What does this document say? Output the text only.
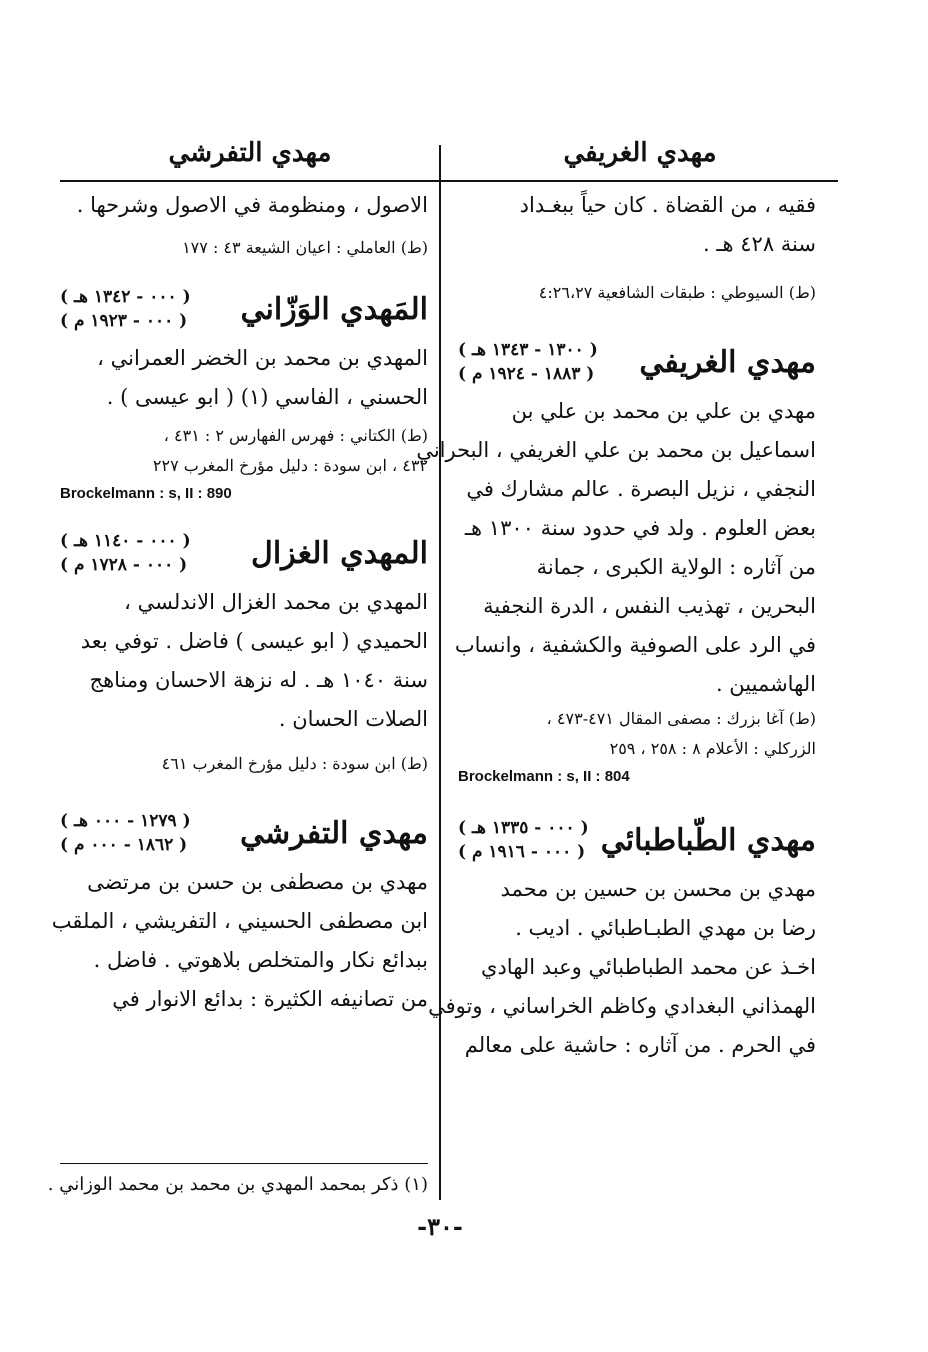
مهدي الغريفي
مهدي التفرشي
فقيه ، من القضاة . كان حياً ببغـداد
سنة ٤٢٨ هـ .
(ط) السيوطي : طبقات الشافعية ٤:٢٦،٢٧
مهدي الغريفي
( ١٣٠٠ - ١٣٤٣ هـ )
( ١٨٨٣ - ١٩٢٤ م )
مهدي بن علي بن محمد بن علي بن
اسماعيل بن محمد بن علي الغريفي ، البحراني
النجفي ، نزيل البصرة . عالم مشارك في
بعض العلوم . ولد في حدود سنة ١٣٠٠ هـ
من آثاره : الولاية الكبرى ، جمانة
البحرين ، تهذيب النفس ، الدرة النجفية
في الرد على الصوفية والكشفية ، وانساب
الهاشميين .
(ط) آغا بزرك : مصفى المقال ٤٧١-٤٧٣ ،
الزركلي : الأعلام ٨ : ٢٥٨ ، ٢٥٩
Brockelmann : s, II : 804
مهدي الطّباطبائي
( ٠٠٠ - ١٣٣٥ هـ )
( ٠٠٠ - ١٩١٦ م )
مهدي بن محسن بن حسين بن محمد
رضا بن مهدي الطبـاطبائي . اديب .
اخـذ عن محمد الطباطبائي وعبد الهادي
الهمذاني البغدادي وكاظم الخراساني ، وتوفي
في الحرم . من آثاره : حاشية على معالم
الاصول ، ومنظومة في الاصول وشرحها .
(ط) العاملي : اعيان الشيعة ٤٣ : ١٧٧
المَهدي الوَزّاني
( ٠٠٠ - ١٣٤٢ هـ )
( ٠٠٠ - ١٩٢٣ م )
المهدي بن محمد بن الخضر العمراني ،
الحسني ، الفاسي (١) ( ابو عيسى ) .
(ط) الكتاني : فهرس الفهارس ٢ : ٤٣١ ،
٤٣٢ ، ابن سودة : دليل مؤرخ المغرب ٢٢٧
Brockelmann : s, II : 890
المهدي الغزال
( ٠٠٠ - ١١٤٠ هـ )
( ٠٠٠ - ١٧٢٨ م )
المهدي بن محمد الغزال الاندلسي ،
الحميدي ( ابو عيسى ) فاضل . توفي بعد
سنة ١٠٤٠ هـ . له نزهة الاحسان ومناهج
الصلات الحسان .
(ط) ابن سودة : دليل مؤرخ المغرب ٤٦١
مهدي التفرشي
( ١٢٧٩ - ٠٠٠ هـ )
( ١٨٦٢ - ٠٠٠ م )
مهدي بن مصطفى بن حسن بن مرتضى
ابن مصطفى الحسيني ، التفريشي ، الملقب
ببدائع نكار والمتخلص بلاهوتي . فاضل .
من تصانيفه الكثيرة : بدائع الانوار في
(١) ذكر بمحمد المهدي بن محمد بن محمد الوزاني .
-٣٠-
